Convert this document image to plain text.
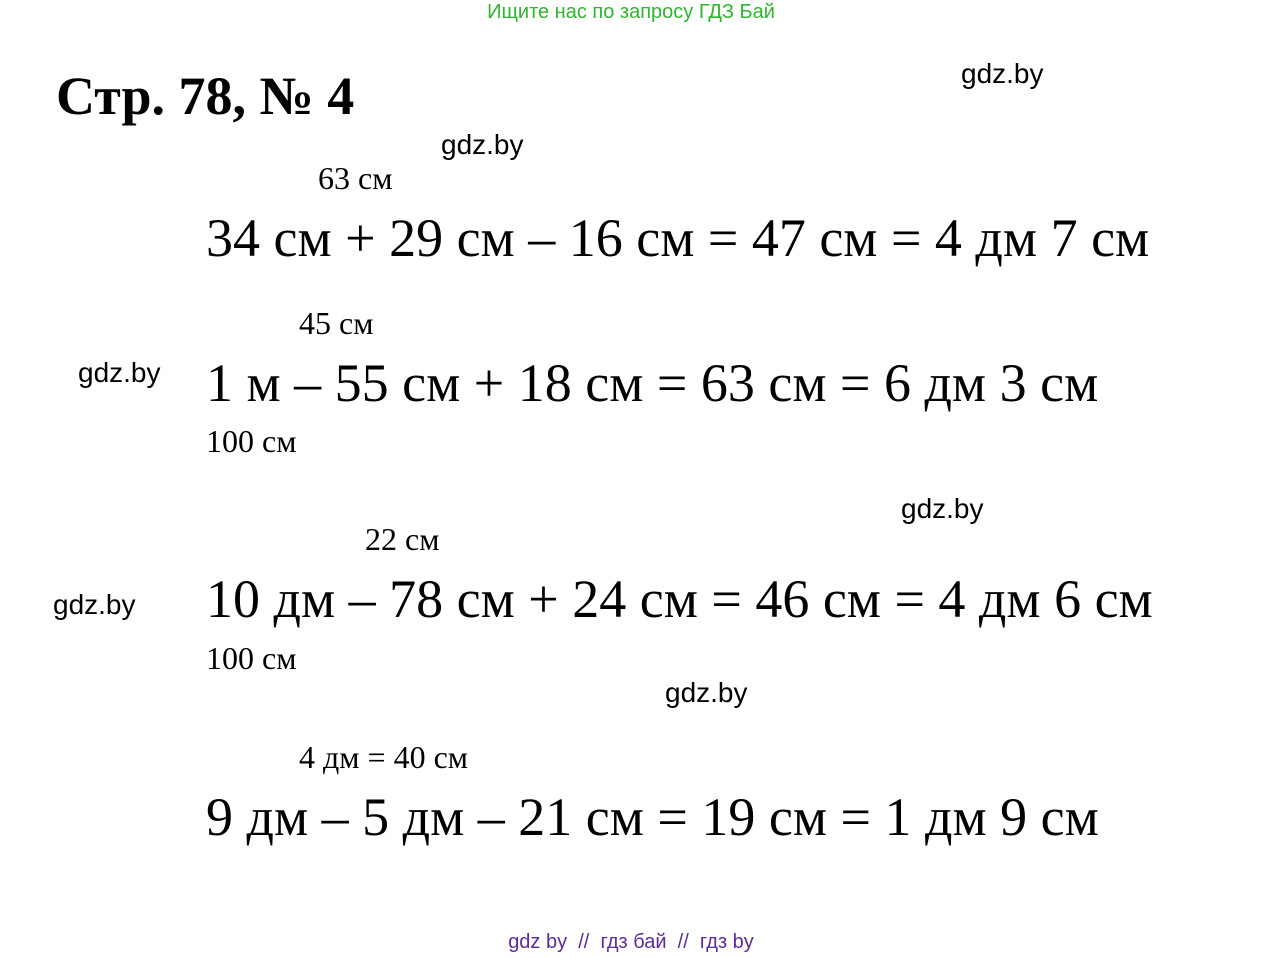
Ищите нас по запросу ГДЗ Бай
Стр. 78, № 4	gdz.by
gdz.by
gdz.by
gdz.by
gdz.by
gdz.by
63 см
34 см + 29 см – 16 см = 47 см = 4 дм 7 см
45 см
1 м – 55 см + 18 см = 63 см = 6 дм 3 см
100 см
22 см
10 дм – 78 см + 24 см = 46 см = 4 дм 6 см
100 см
4 дм = 40 см
9 дм – 5 дм – 21 см = 19 см = 1 дм 9 см
gdz by  //  гдз бай  //  гдз by
